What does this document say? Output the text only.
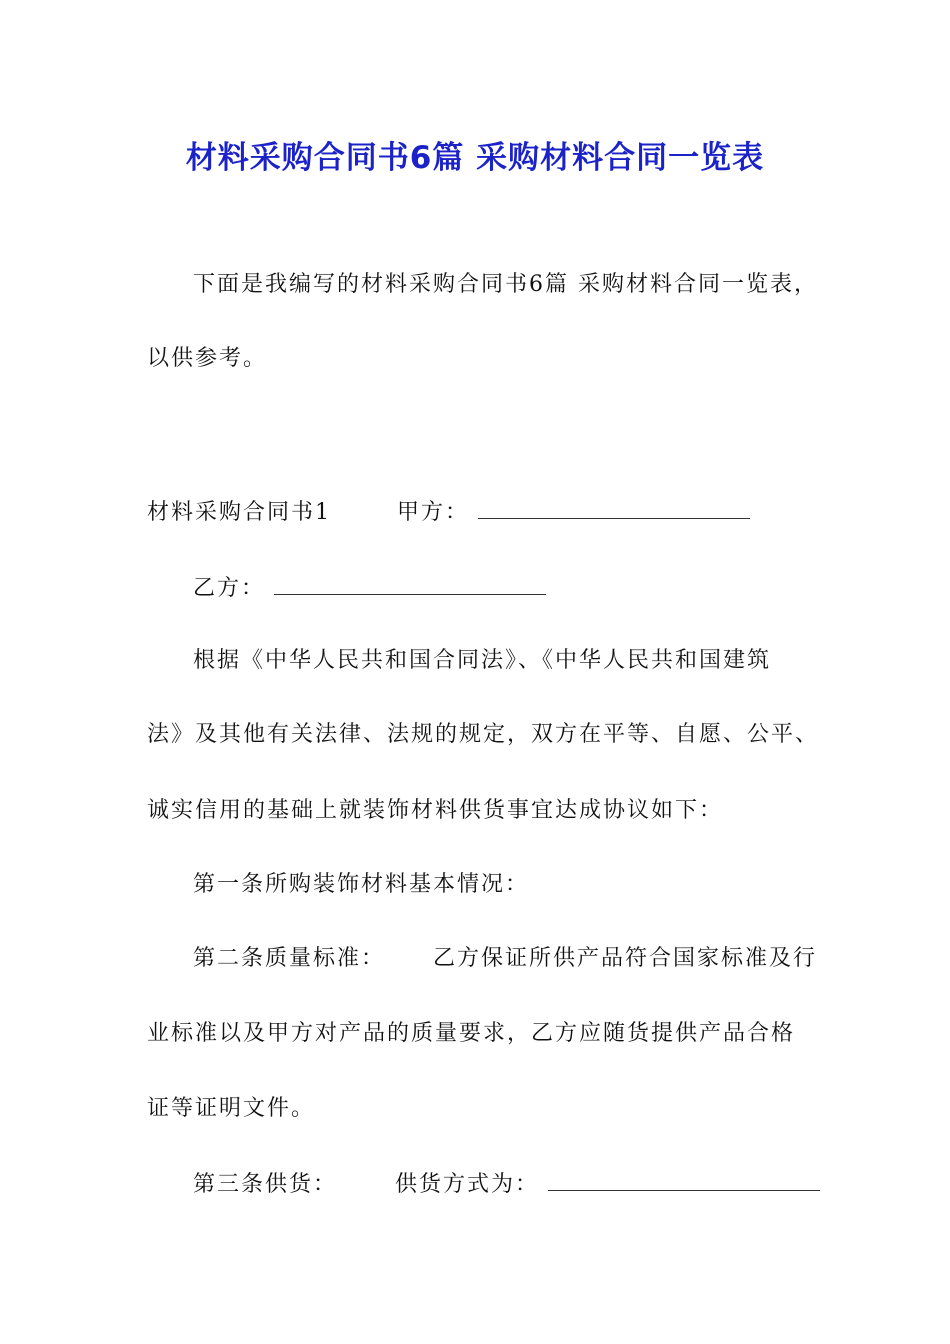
材料采购合同书6篇 采购材料合同一览表
下面是我编写的材料采购合同书6篇 采购材料合同一览表，
以供参考。
材料采购合同书1	甲方：
乙方：
根据《中华人民共和国合同法》、《中华人民共和国建筑
法》及其他有关法律、法规的规定，双方在平等、自愿、公平、
诚实信用的基础上就装饰材料供货事宜达成协议如下：
第一条所购装饰材料基本情况：
第二条质量标准： 乙方保证所供产品符合国家标准及行
业标准以及甲方对产品的质量要求，乙方应随货提供产品合格
证等证明文件。
第三条供货：	供货方式为：
